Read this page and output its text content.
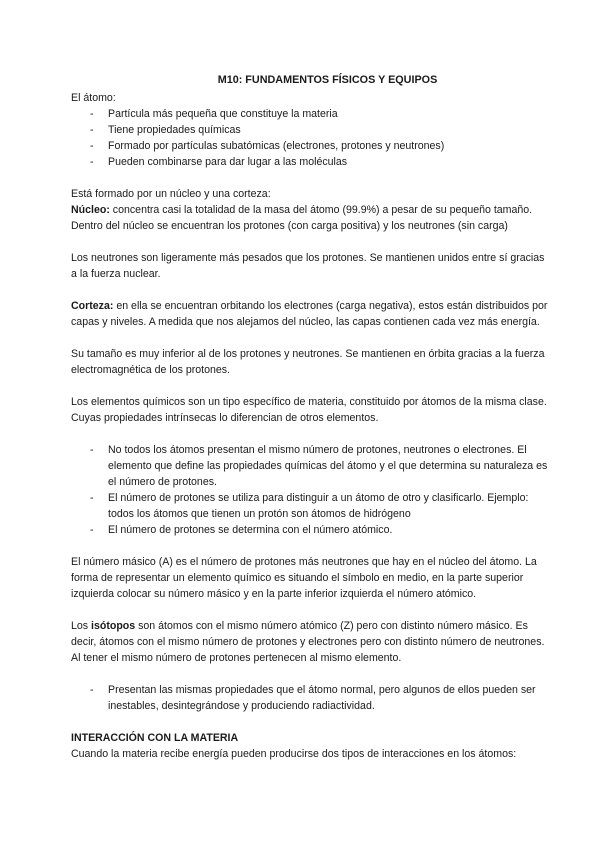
M10: FUNDAMENTOS FÍSICOS Y EQUIPOS

El átomo:

- Partícula más pequeña que constituye la materia
- Tiene propiedades químicas
- Formado por partículas subatómicas (electrones, protones y neutrones)
- Pueden combinarse para dar lugar a las moléculas

Está formado por un núcleo y una corteza:

Núcleo: concentra casi la totalidad de la masa del átomo (99.9%) a pesar de su pequeño tamaño. Dentro del núcleo se encuentran los protones (con carga positiva) y los neutrones (sin carga)

Los neutrones son ligeramente más pesados que los protones. Se mantienen unidos entre sí gracias a la fuerza nuclear.

Corteza: en ella se encuentran orbitando los electrones (carga negativa), estos están distribuidos por capas y niveles. A medida que nos alejamos del núcleo, las capas contienen cada vez más energía.

Su tamaño es muy inferior al de los protones y neutrones. Se mantienen en órbita gracias a la fuerza electromagnética de los protones.

Los elementos químicos son un tipo específico de materia, constituido por átomos de la misma clase. Cuyas propiedades intrínsecas lo diferencian de otros elementos.

- No todos los átomos presentan el mismo número de protones, neutrones o electrones. El elemento que define las propiedades químicas del átomo y el que determina su naturaleza es el número de protones.
- El número de protones se utiliza para distinguir a un átomo de otro y clasificarlo. Ejemplo: todos los átomos que tienen un protón son átomos de hidrógeno
- El número de protones se determina con el número atómico.

El número másico (A) es el número de protones más neutrones que hay en el núcleo del átomo. La forma de representar un elemento químico es situando el símbolo en medio, en la parte superior izquierda colocar su número másico y en la parte inferior izquierda el número atómico.

Los isótopos son átomos con el mismo número atómico (Z) pero con distinto número másico. Es decir, átomos con el mismo número de protones y electrones pero con distinto número de neutrones. Al tener el mismo número de protones pertenecen al mismo elemento.

- Presentan las mismas propiedades que el átomo normal, pero algunos de ellos pueden ser inestables, desintegrándose y produciendo radiactividad.

INTERACCIÓN CON LA MATERIA

Cuando la materia recibe energía pueden producirse dos tipos de interacciones en los átomos:
